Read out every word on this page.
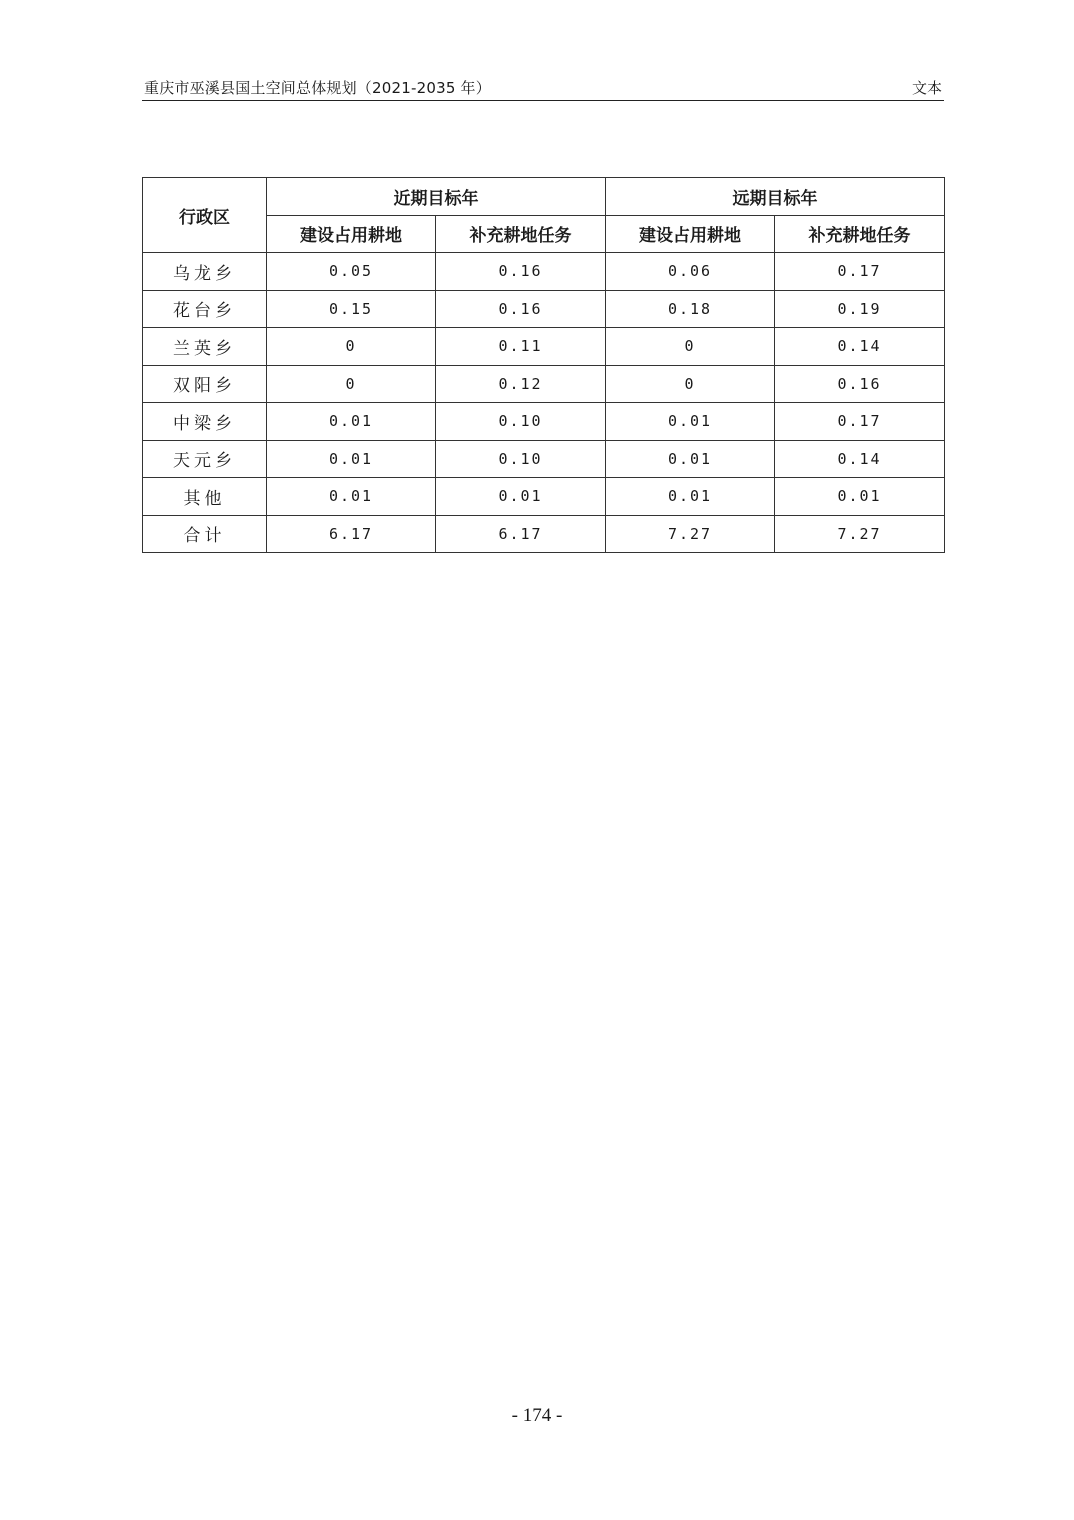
重庆市巫溪县国土空间总体规划（2021-2035 年）	文本
行政区	近期目标年		远期目标年	
	建设占用耕地	补充耕地任务	建设占用耕地	补充耕地任务
乌龙乡	0.05	0.16	0.06	0.17
花台乡	0.15	0.16	0.18	0.19
兰英乡	0	0.11	0	0.14
双阳乡	0	0.12	0	0.16
中梁乡	0.01	0.10	0.01	0.17
天元乡	0.01	0.10	0.01	0.14
其他	0.01	0.01	0.01	0.01
合计	6.17	6.17	7.27	7.27
- 174 -
